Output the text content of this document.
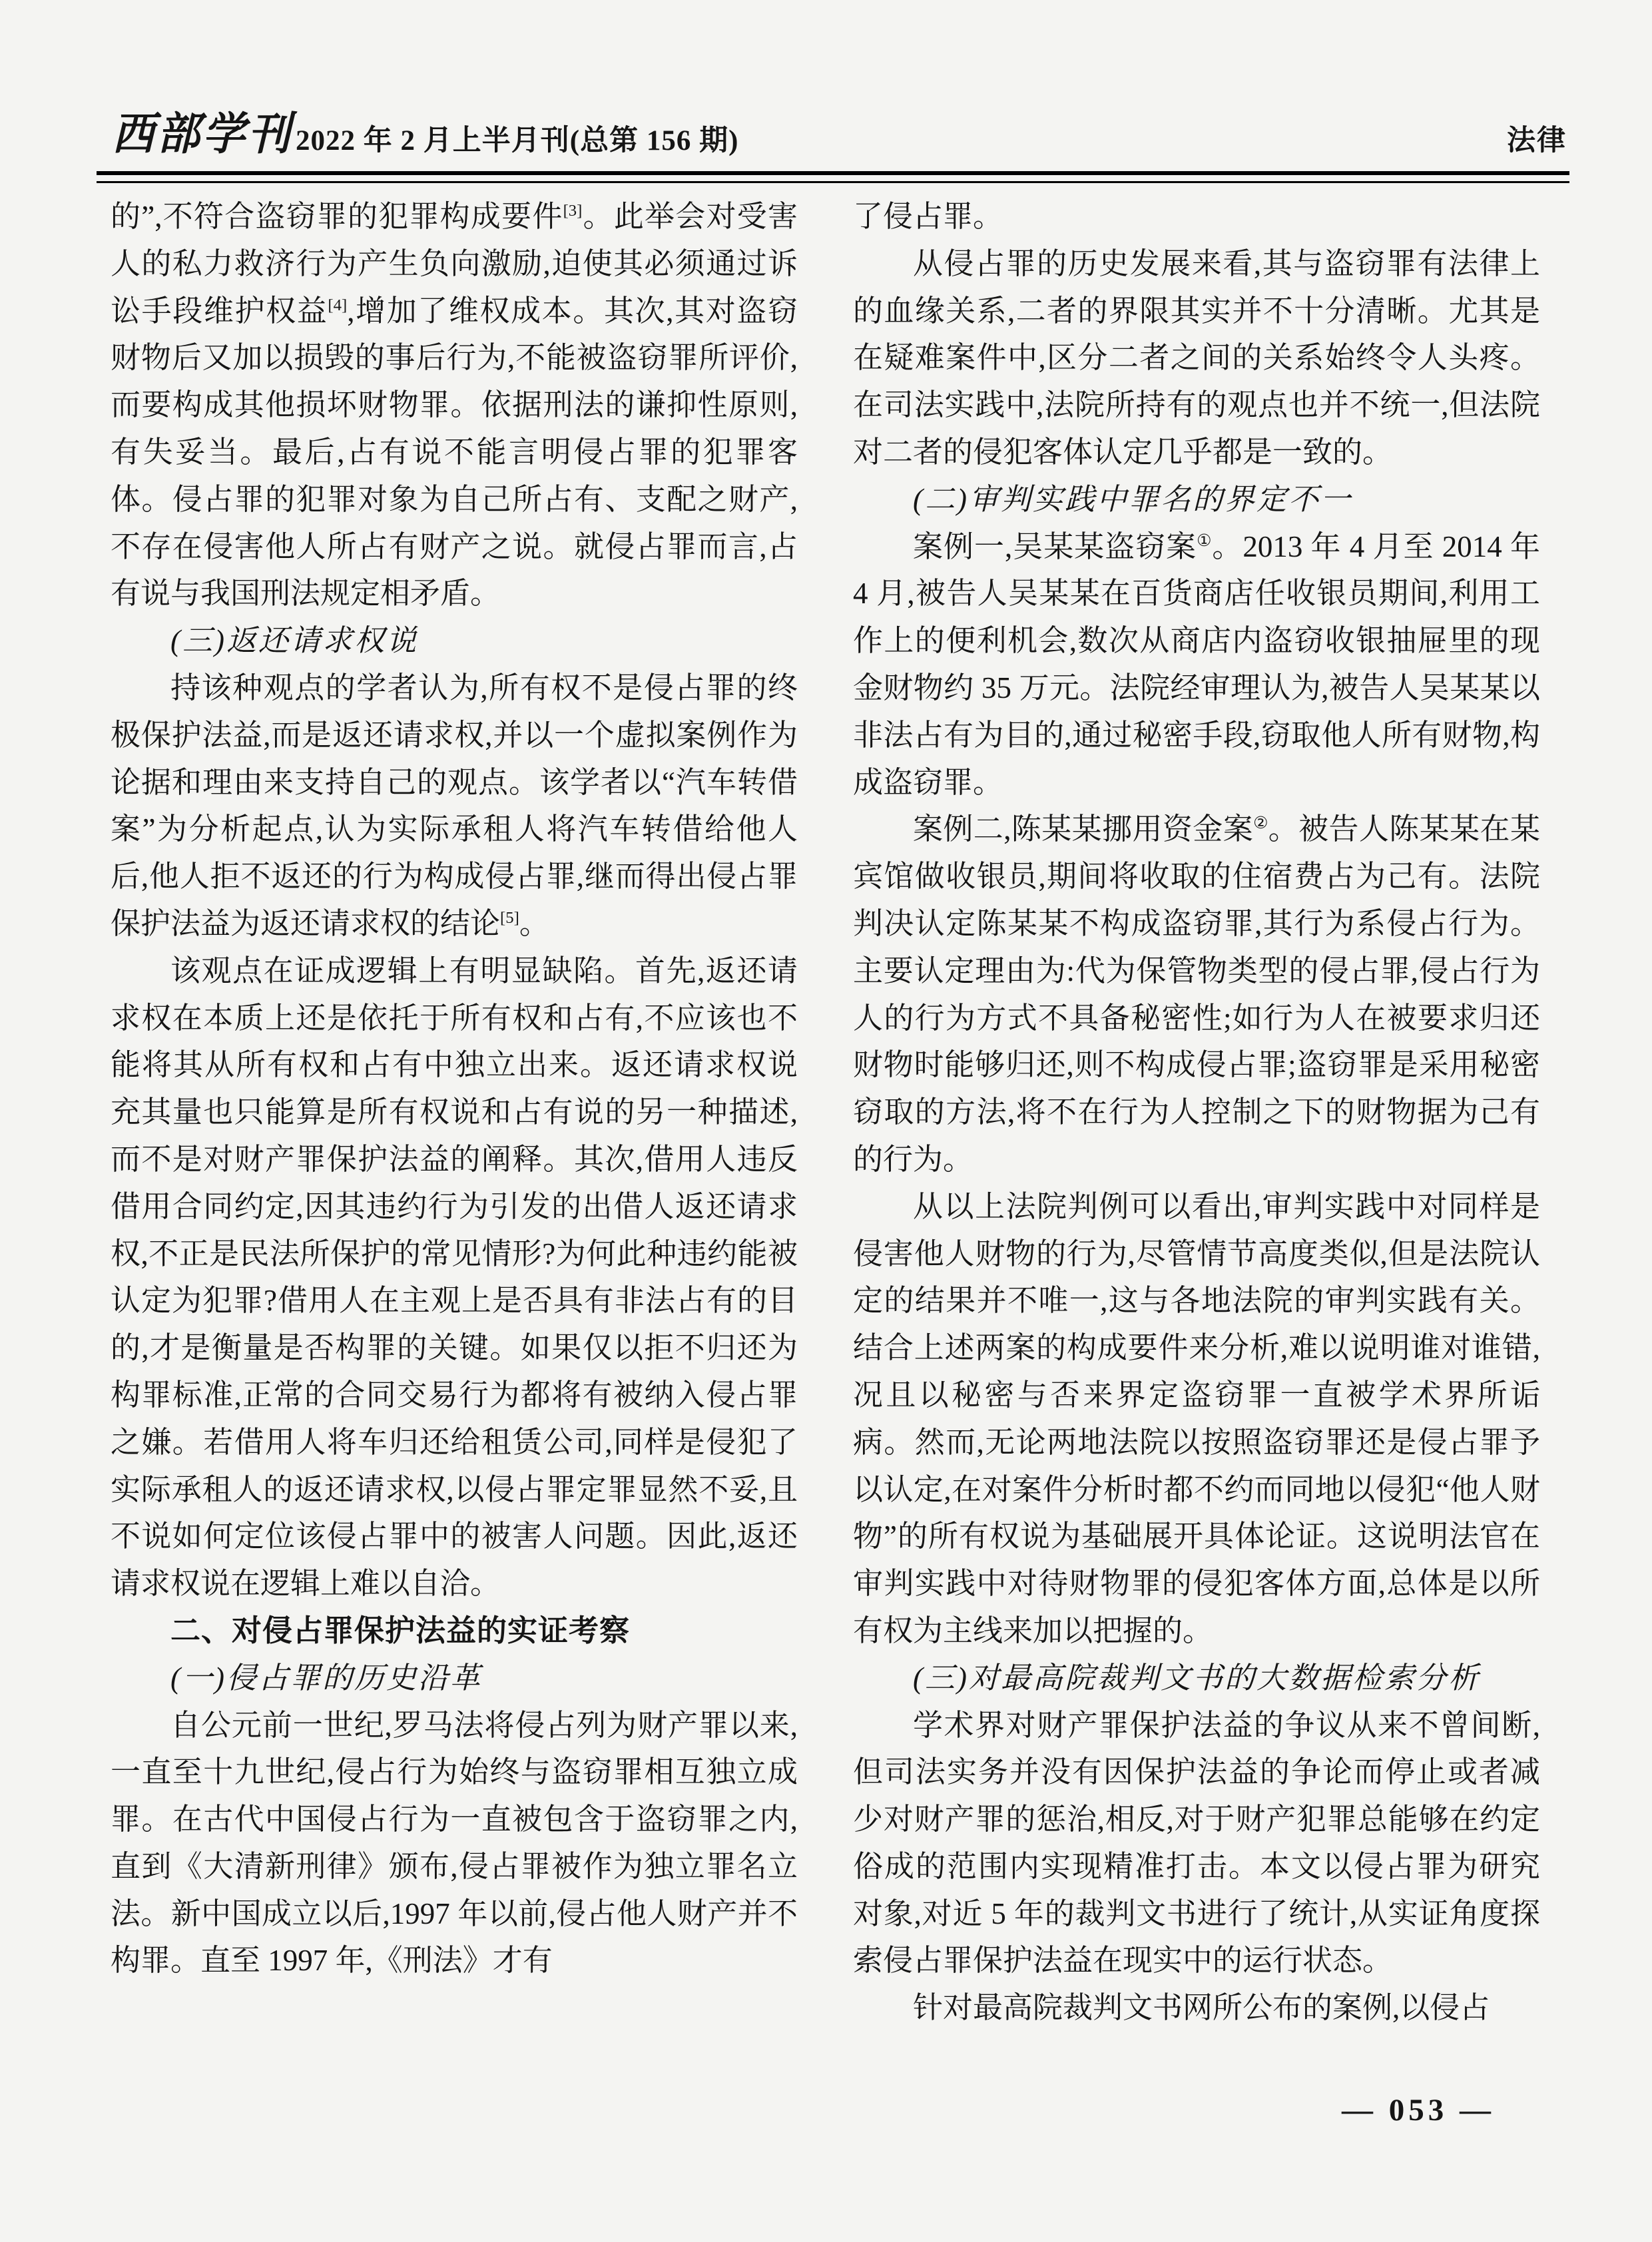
西部学刊 2022 年 2 月上半月刊(总第 156 期)	法律

的”,不符合盗窃罪的犯罪构成要件[3]。此举会对受害人的私力救济行为产生负向激励,迫使其必须通过诉讼手段维护权益[4],增加了维权成本。其次,其对盗窃财物后又加以损毁的事后行为,不能被盗窃罪所评价,而要构成其他损坏财物罪。依据刑法的谦抑性原则,有失妥当。最后,占有说不能言明侵占罪的犯罪客体。侵占罪的犯罪对象为自己所占有、支配之财产,不存在侵害他人所占有财产之说。就侵占罪而言,占有说与我国刑法规定相矛盾。

(三)返还请求权说

持该种观点的学者认为,所有权不是侵占罪的终极保护法益,而是返还请求权,并以一个虚拟案例作为论据和理由来支持自己的观点。该学者以“汽车转借案”为分析起点,认为实际承租人将汽车转借给他人后,他人拒不返还的行为构成侵占罪,继而得出侵占罪保护法益为返还请求权的结论[5]。

该观点在证成逻辑上有明显缺陷。首先,返还请求权在本质上还是依托于所有权和占有,不应该也不能将其从所有权和占有中独立出来。返还请求权说充其量也只能算是所有权说和占有说的另一种描述,而不是对财产罪保护法益的阐释。其次,借用人违反借用合同约定,因其违约行为引发的出借人返还请求权,不正是民法所保护的常见情形?为何此种违约能被认定为犯罪?借用人在主观上是否具有非法占有的目的,才是衡量是否构罪的关键。如果仅以拒不归还为构罪标准,正常的合同交易行为都将有被纳入侵占罪之嫌。若借用人将车归还给租赁公司,同样是侵犯了实际承租人的返还请求权,以侵占罪定罪显然不妥,且不说如何定位该侵占罪中的被害人问题。因此,返还请求权说在逻辑上难以自洽。

二、对侵占罪保护法益的实证考察

(一)侵占罪的历史沿革

自公元前一世纪,罗马法将侵占列为财产罪以来,一直至十九世纪,侵占行为始终与盗窃罪相互独立成罪。在古代中国侵占行为一直被包含于盗窃罪之内,直到《大清新刑律》颁布,侵占罪被作为独立罪名立法。新中国成立以后,1997 年以前,侵占他人财产并不构罪。直至 1997 年,《刑法》才有

了侵占罪。

从侵占罪的历史发展来看,其与盗窃罪有法律上的血缘关系,二者的界限其实并不十分清晰。尤其是在疑难案件中,区分二者之间的关系始终令人头疼。在司法实践中,法院所持有的观点也并不统一,但法院对二者的侵犯客体认定几乎都是一致的。

(二)审判实践中罪名的界定不一

案例一,吴某某盗窃案①。2013 年 4 月至 2014 年 4 月,被告人吴某某在百货商店任收银员期间,利用工作上的便利机会,数次从商店内盗窃收银抽屉里的现金财物约 35 万元。法院经审理认为,被告人吴某某以非法占有为目的,通过秘密手段,窃取他人所有财物,构成盗窃罪。

案例二,陈某某挪用资金案②。被告人陈某某在某宾馆做收银员,期间将收取的住宿费占为己有。法院判决认定陈某某不构成盗窃罪,其行为系侵占行为。主要认定理由为:代为保管物类型的侵占罪,侵占行为人的行为方式不具备秘密性;如行为人在被要求归还财物时能够归还,则不构成侵占罪;盗窃罪是采用秘密窃取的方法,将不在行为人控制之下的财物据为己有的行为。

从以上法院判例可以看出,审判实践中对同样是侵害他人财物的行为,尽管情节高度类似,但是法院认定的结果并不唯一,这与各地法院的审判实践有关。结合上述两案的构成要件来分析,难以说明谁对谁错,况且以秘密与否来界定盗窃罪一直被学术界所诟病。然而,无论两地法院以按照盗窃罪还是侵占罪予以认定,在对案件分析时都不约而同地以侵犯“他人财物”的所有权说为基础展开具体论证。这说明法官在审判实践中对待财物罪的侵犯客体方面,总体是以所有权为主线来加以把握的。

(三)对最高院裁判文书的大数据检索分析

学术界对财产罪保护法益的争议从来不曾间断,但司法实务并没有因保护法益的争论而停止或者减少对财产罪的惩治,相反,对于财产犯罪总能够在约定俗成的范围内实现精准打击。本文以侵占罪为研究对象,对近 5 年的裁判文书进行了统计,从实证角度探索侵占罪保护法益在现实中的运行状态。

针对最高院裁判文书网所公布的案例,以侵占

— 053 —
